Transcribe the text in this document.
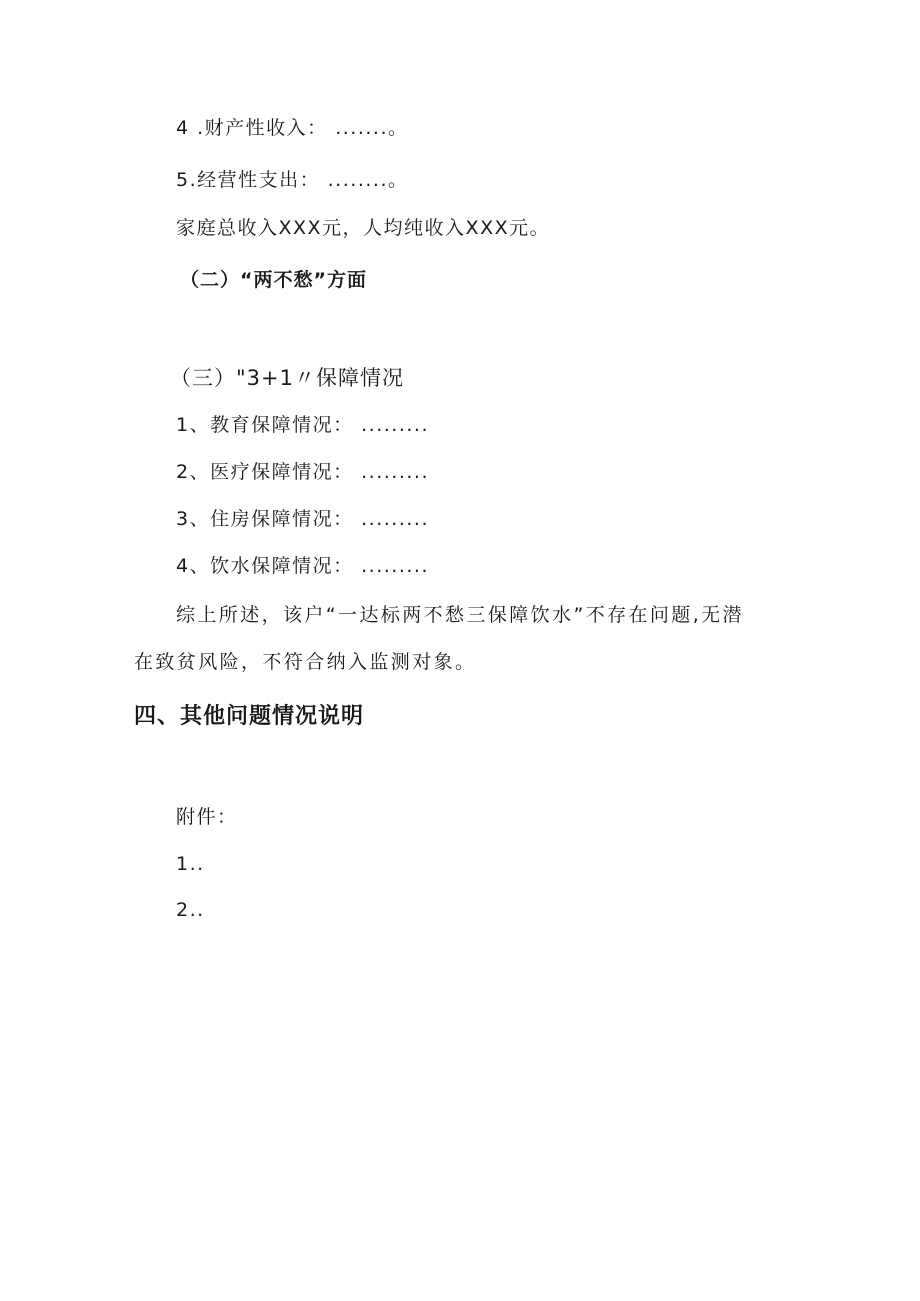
4 .财产性收入： .......。
5.经营性支出： ........。
家庭总收入XXX元，人均纯收入XXX元。
（二）“两不愁”方面
（三）"3+1〃保障情况
1、教育保障情况： .........
2、医疗保障情况： .........
3、住房保障情况： .........
4、饮水保障情况： .........
综上所述，该户“一达标两不愁三保障饮水”不存在问题,无潜
在致贫风险，不符合纳入监测对象。
四、其他问题情况说明
附件：
1..
2..
